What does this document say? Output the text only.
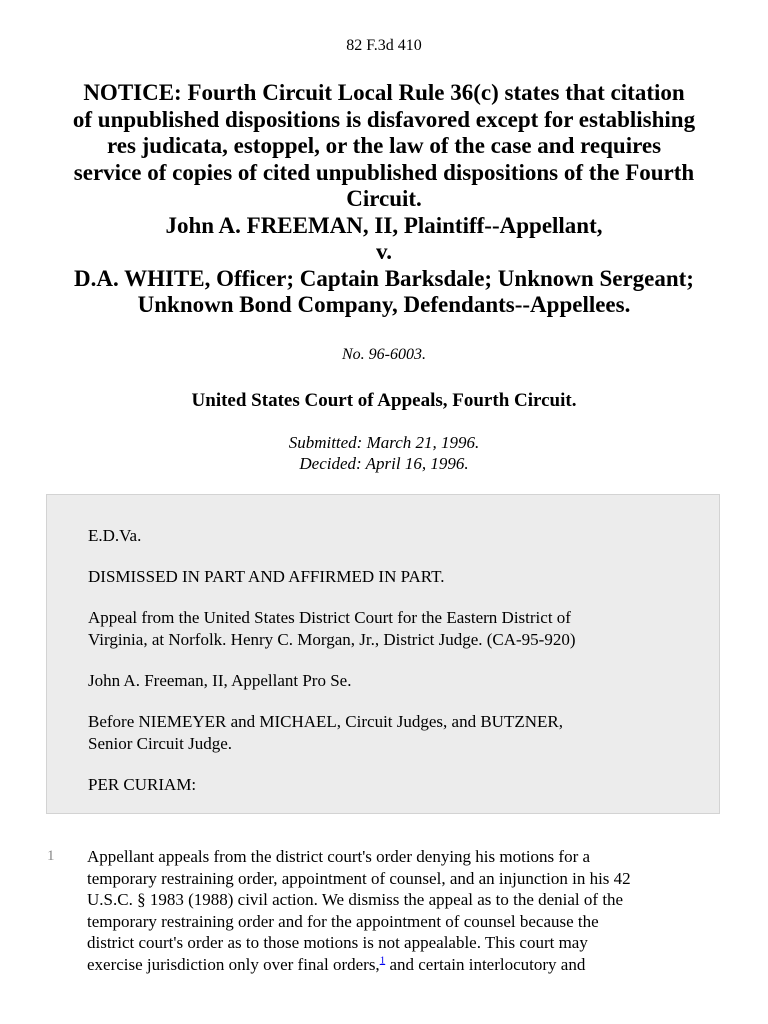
82 F.3d 410
NOTICE: Fourth Circuit Local Rule 36(c) states that citation
of unpublished dispositions is disfavored except for establishing
res judicata, estoppel, or the law of the case and requires
service of copies of cited unpublished dispositions of the Fourth
Circuit.
John A. FREEMAN, II, Plaintiff--Appellant,
v.
D.A. WHITE, Officer; Captain Barksdale; Unknown Sergeant;
Unknown Bond Company, Defendants--Appellees.
No. 96-6003.
United States Court of Appeals, Fourth Circuit.
Submitted: March 21, 1996.
Decided: April 16, 1996.

E.D.Va.

DISMISSED IN PART AND AFFIRMED IN PART.

Appeal from the United States District Court for the Eastern District of

Virginia, at Norfolk. Henry C. Morgan, Jr., District Judge. (CA-95-920)

John A. Freeman, II, Appellant Pro Se.

Before NIEMEYER and MICHAEL, Circuit Judges, and BUTZNER,

Senior Circuit Judge.

PER CURIAM:

1 Appellant appeals from the district court's order denying his motions for a
temporary restraining order, appointment of counsel, and an injunction in his 42
U.S.C. § 1983 (1988) civil action. We dismiss the appeal as to the denial of the
temporary restraining order and for the appointment of counsel because the
district court's order as to those motions is not appealable. This court may
exercise jurisdiction only over final orders,$^1$ and certain interlocutory and
